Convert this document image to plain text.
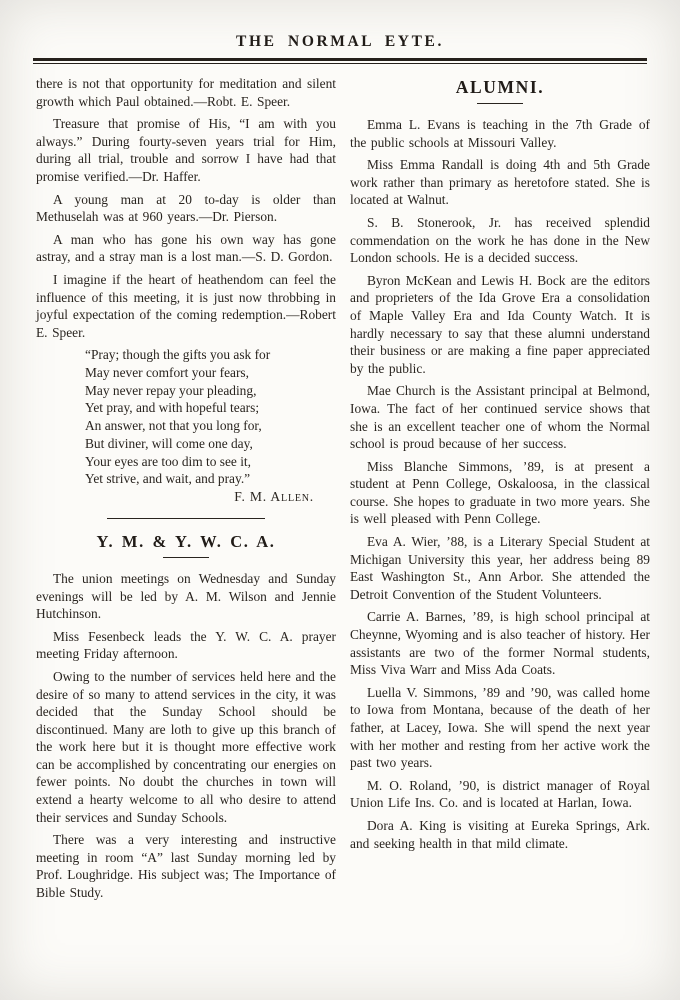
THE NORMAL EYTE.

there is not that opportunity for meditation and silent growth which Paul obtained.—Robt. E. Speer.

Treasure that promise of His, “I am with you always.” During fourty-seven years trial for Him, during all trial, trouble and sorrow I have had that promise verified.—Dr. Haffer.

A young man at 20 to-day is older than Methuselah was at 960 years.—Dr. Pierson.

A man who has gone his own way has gone astray, and a stray man is a lost man.—S. D. Gordon.

I imagine if the heart of heathendom can feel the influence of this meeting, it is just now throbbing in joyful expectation of the coming redemption.—Robert E. Speer.

“Pray; though the gifts you ask for
May never comfort your fears,
May never repay your pleading,
Yet pray, and with hopeful tears;
An answer, not that you long for,
But diviner, will come one day,
Your eyes are too dim to see it,
Yet strive, and wait, and pray.”
F. M. Allen.
Y. M. & Y. W. C. A.

The union meetings on Wednesday and Sunday evenings will be led by A. M. Wilson and Jennie Hutchinson.

Miss Fesenbeck leads the Y. W. C. A. prayer meeting Friday afternoon.

Owing to the number of services held here and the desire of so many to attend services in the city, it was decided that the Sunday School should be discontinued. Many are loth to give up this branch of the work here but it is thought more effective work can be accomplished by concentrating our energies on fewer points. No doubt the churches in town will extend a hearty welcome to all who desire to attend their services and Sunday Schools.

There was a very interesting and instructive meeting in room “A” last Sunday morning led by Prof. Loughridge. His subject was; The Importance of Bible Study.

ALUMNI.

Emma L. Evans is teaching in the 7th Grade of the public schools at Missouri Valley.

Miss Emma Randall is doing 4th and 5th Grade work rather than primary as heretofore stated. She is located at Walnut.

S. B. Stonerook, Jr. has received splendid commendation on the work he has done in the New London schools. He is a decided success.

Byron McKean and Lewis H. Bock are the editors and proprieters of the Ida Grove Era a consolidation of Maple Valley Era and Ida County Watch. It is hardly necessary to say that these alumni understand their business or are making a fine paper appreciated by the public.

Mae Church is the Assistant principal at Belmond, Iowa. The fact of her continued service shows that she is an excellent teacher one of whom the Normal school is proud because of her success.

Miss Blanche Simmons, ’89, is at present a student at Penn College, Oskaloosa, in the classical course. She hopes to graduate in two more years. She is well pleased with Penn College.

Eva A. Wier, ’88, is a Literary Special Student at Michigan University this year, her address being 89 East Washington St., Ann Arbor. She attended the Detroit Convention of the Student Volunteers.

Carrie A. Barnes, ’89, is high school principal at Cheynne, Wyoming and is also teacher of history. Her assistants are two of the former Normal students, Miss Viva Warr and Miss Ada Coats.

Luella V. Simmons, ’89 and ’90, was called home to Iowa from Montana, because of the death of her father, at Lacey, Iowa. She will spend the next year with her mother and resting from her active work the past two years.

M. O. Roland, ’90, is district manager of Royal Union Life Ins. Co. and is located at Harlan, Iowa.

Dora A. King is visiting at Eureka Springs, Ark. and seeking health in that mild climate.
